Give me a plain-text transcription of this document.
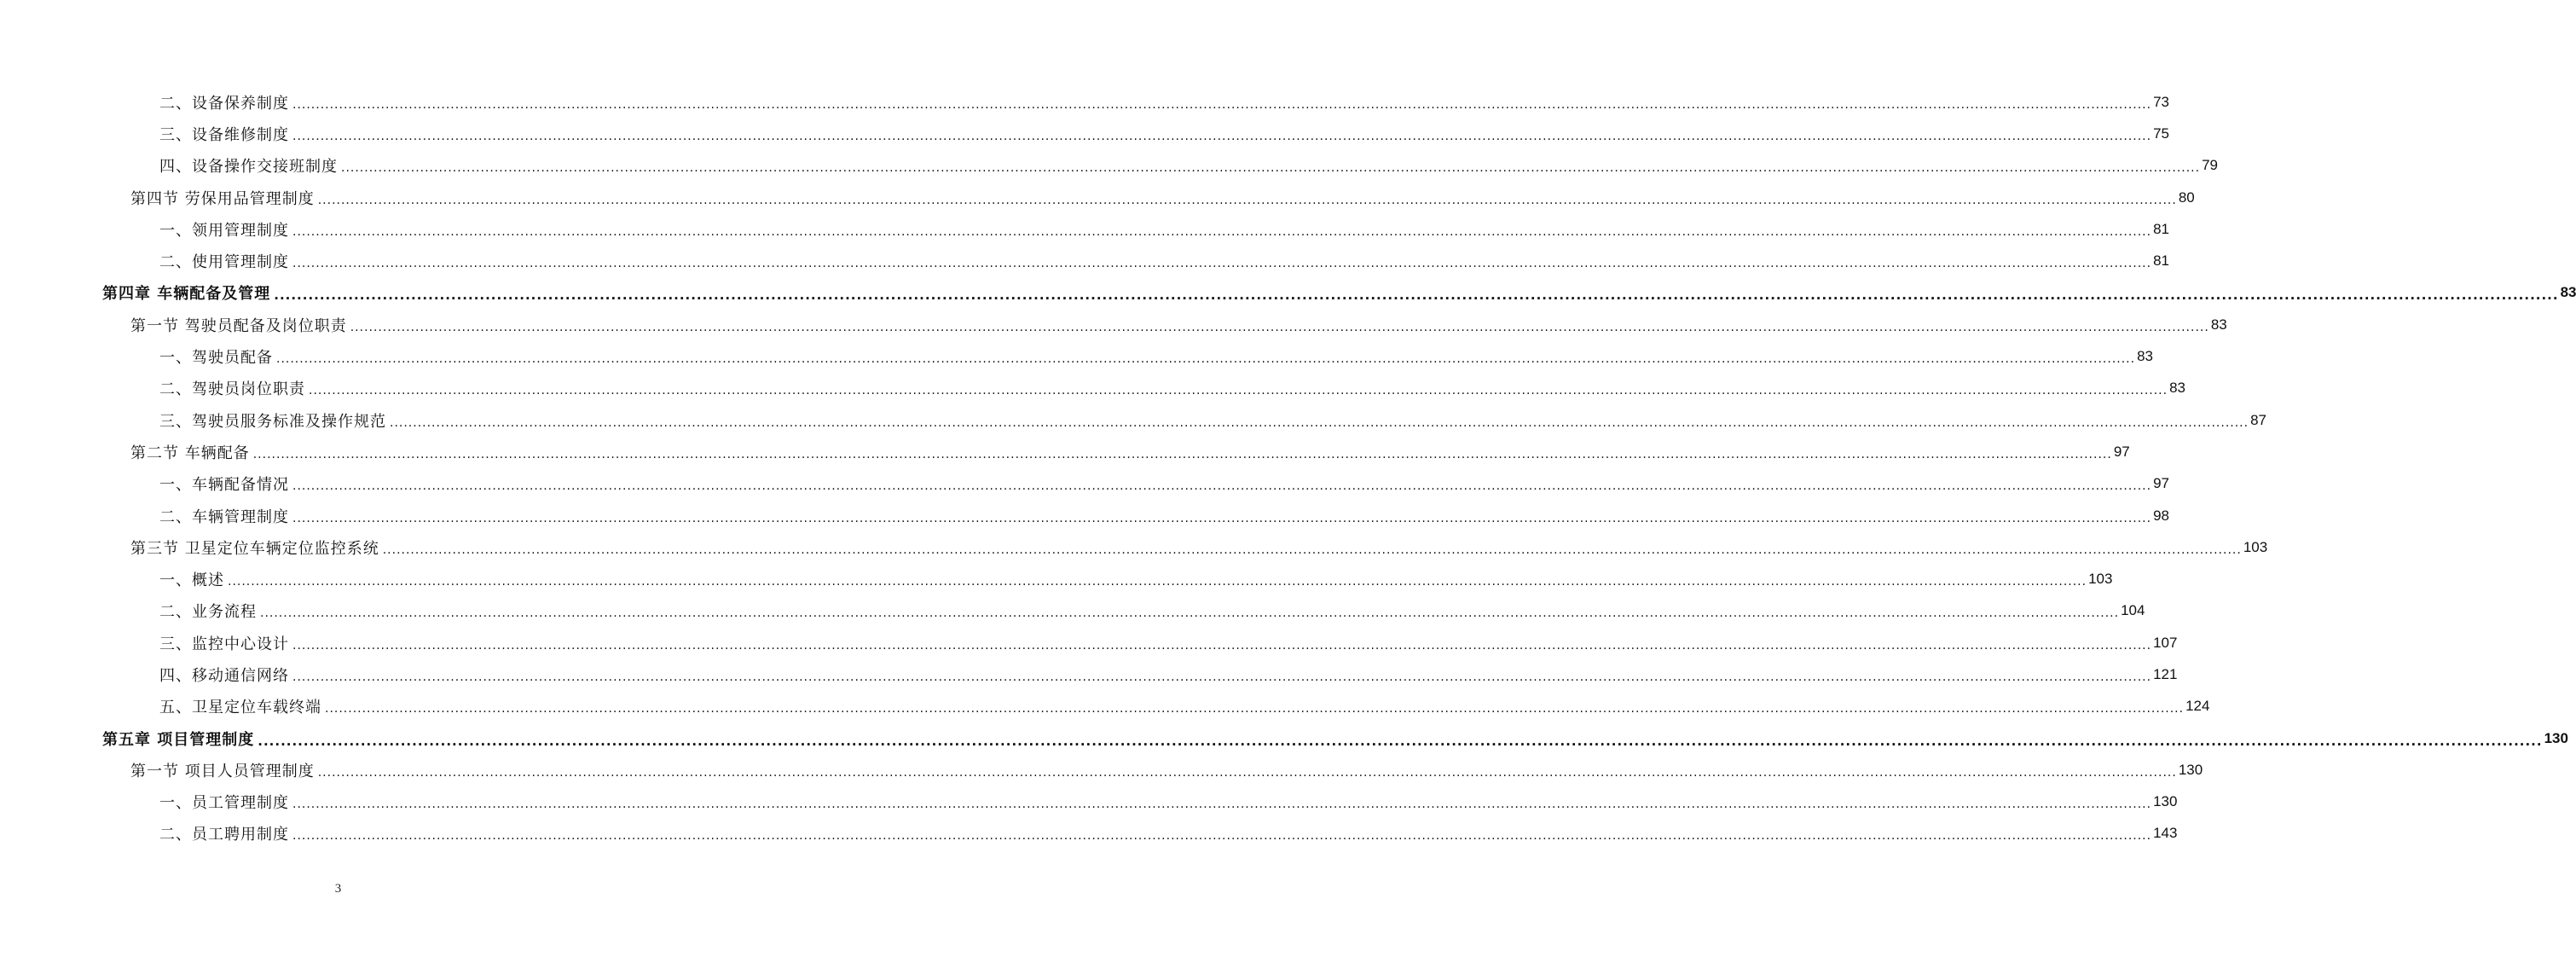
二、设备保养制度 ................................................................................................................................................................................................................................................................................................................................................................................................................ 73
三、设备维修制度 ................................................................................................................................................................................................................................................................................................................................................................................................................ 75
四、设备操作交接班制度 ................................................................................................................................................................................................................................................................................................................................................................................................................ 79
第四节 劳保用品管理制度 ................................................................................................................................................................................................................................................................................................................................................................................................................ 80
一、领用管理制度 ................................................................................................................................................................................................................................................................................................................................................................................................................ 81
二、使用管理制度 ................................................................................................................................................................................................................................................................................................................................................................................................................ 81
第四章 车辆配备及管理 ................................................................................................................................................................................................................................................................................................................................................................................................................ 83
第一节 驾驶员配备及岗位职责 ................................................................................................................................................................................................................................................................................................................................................................................................................ 83
一、驾驶员配备 ................................................................................................................................................................................................................................................................................................................................................................................................................ 83
二、驾驶员岗位职责 ................................................................................................................................................................................................................................................................................................................................................................................................................ 83
三、驾驶员服务标准及操作规范 ................................................................................................................................................................................................................................................................................................................................................................................................................ 87
第二节 车辆配备 ................................................................................................................................................................................................................................................................................................................................................................................................................ 97
一、车辆配备情况 ................................................................................................................................................................................................................................................................................................................................................................................................................ 97
二、车辆管理制度 ................................................................................................................................................................................................................................................................................................................................................................................................................ 98
第三节 卫星定位车辆定位监控系统 ................................................................................................................................................................................................................................................................................................................................................................................................................ 103
一、概述 ................................................................................................................................................................................................................................................................................................................................................................................................................ 103
二、业务流程 ................................................................................................................................................................................................................................................................................................................................................................................................................ 104
三、监控中心设计 ................................................................................................................................................................................................................................................................................................................................................................................................................ 107
四、移动通信网络 ................................................................................................................................................................................................................................................................................................................................................................................................................ 121
五、卫星定位车载终端 ................................................................................................................................................................................................................................................................................................................................................................................................................ 124
第五章 项目管理制度 ................................................................................................................................................................................................................................................................................................................................................................................................................ 130
第一节 项目人员管理制度 ................................................................................................................................................................................................................................................................................................................................................................................................................ 130
一、员工管理制度 ................................................................................................................................................................................................................................................................................................................................................................................................................ 130
二、员工聘用制度 ................................................................................................................................................................................................................................................................................................................................................................................................................ 143
3
